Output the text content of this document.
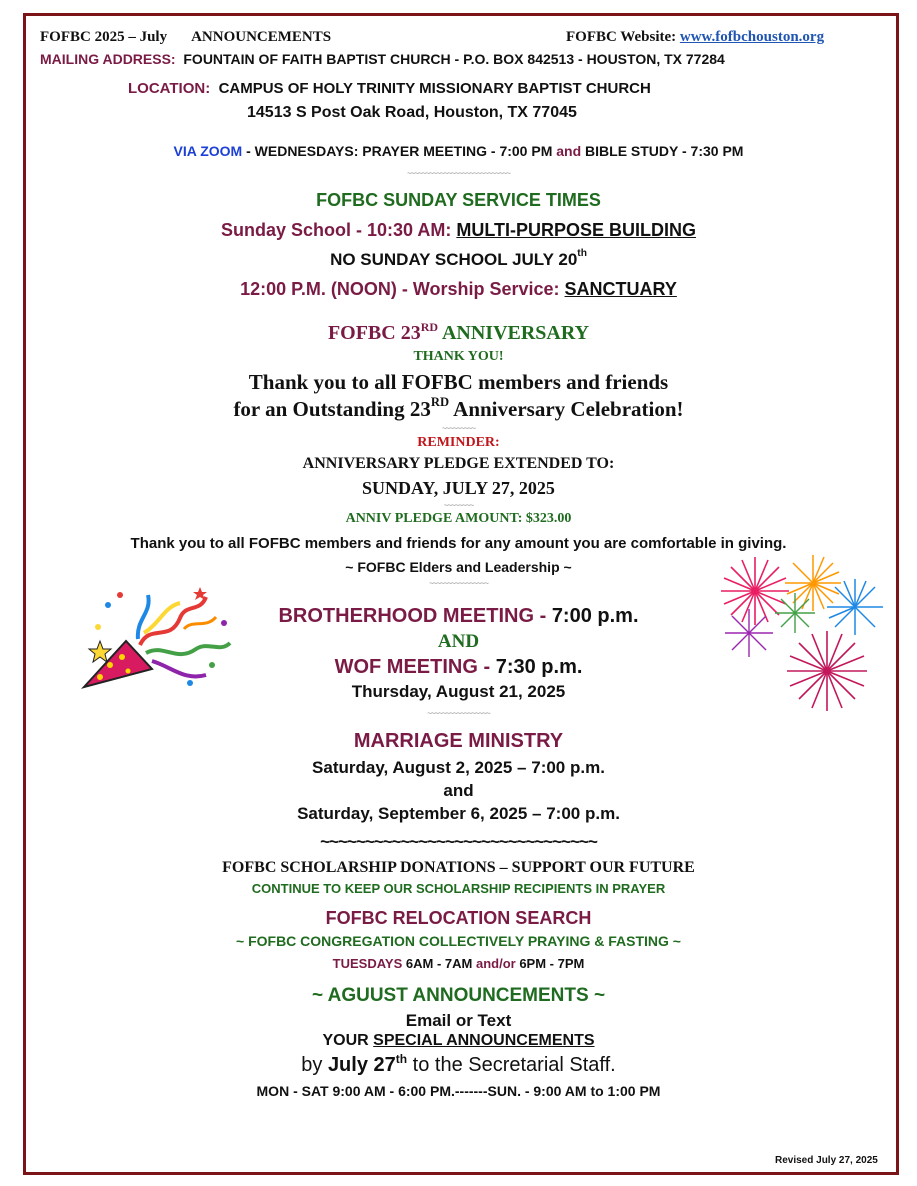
FOFBC 2025 – July ANNOUNCEMENTS	FOFBC Website: www.fofbchouston.org
MAILING ADDRESS: FOUNTAIN OF FAITH BAPTIST CHURCH - P.O. BOX 842513 - HOUSTON, TX 77284
LOCATION: CAMPUS OF HOLY TRINITY MISSIONARY BAPTIST CHURCH
14513 S Post Oak Road, Houston, TX 77045
VIA ZOOM - WEDNESDAYS: PRAYER MEETING - 7:00 PM and BIBLE STUDY - 7:30 PM
~~~~~~~~~~~~~~~~~~~~~~~~~~~~
FOFBC SUNDAY SERVICE TIMES
Sunday School - 10:30 AM: MULTI-PURPOSE BUILDING
NO SUNDAY SCHOOL JULY 20th
12:00 P.M. (NOON) - Worship Service: SANCTUARY
FOFBC 23RD ANNIVERSARY
THANK YOU!
Thank you to all FOFBC members and friends
for an Outstanding 23RD Anniversary Celebration!
~~~~~~~~~
REMINDER:
ANNIVERSARY PLEDGE EXTENDED TO:
SUNDAY, JULY 27, 2025
~~~~~~~~
ANNIV PLEDGE AMOUNT: $323.00
Thank you to all FOFBC members and friends for any amount you are comfortable in giving.
~ FOFBC Elders and Leadership ~
~~~~~~~~~~~~~~~~
BROTHERHOOD MEETING - 7:00 p.m.
AND
WOF MEETING - 7:30 p.m.
Thursday, August 21, 2025
~~~~~~~~~~~~~~~~~
MARRIAGE MINISTRY
Saturday, August 2, 2025 – 7:00 p.m.
and
Saturday, September 6, 2025 – 7:00 p.m.
~~~~~~~~~~~~~~~~~~~~~~~~~~~~~~~
FOFBC SCHOLARSHIP DONATIONS – SUPPORT OUR FUTURE
CONTINUE TO KEEP OUR SCHOLARSHIP RECIPIENTS IN PRAYER
FOFBC RELOCATION SEARCH
~ FOFBC CONGREGATION COLLECTIVELY PRAYING & FASTING ~
TUESDAYS 6AM - 7AM and/or 6PM - 7PM
~ AGUUST ANNOUNCEMENTS ~
Email or Text
YOUR SPECIAL ANNOUNCEMENTS
by July 27th to the Secretarial Staff.
MON - SAT 9:00 AM - 6:00 PM.-------SUN. - 9:00 AM to 1:00 PM
Revised July 27, 2025
